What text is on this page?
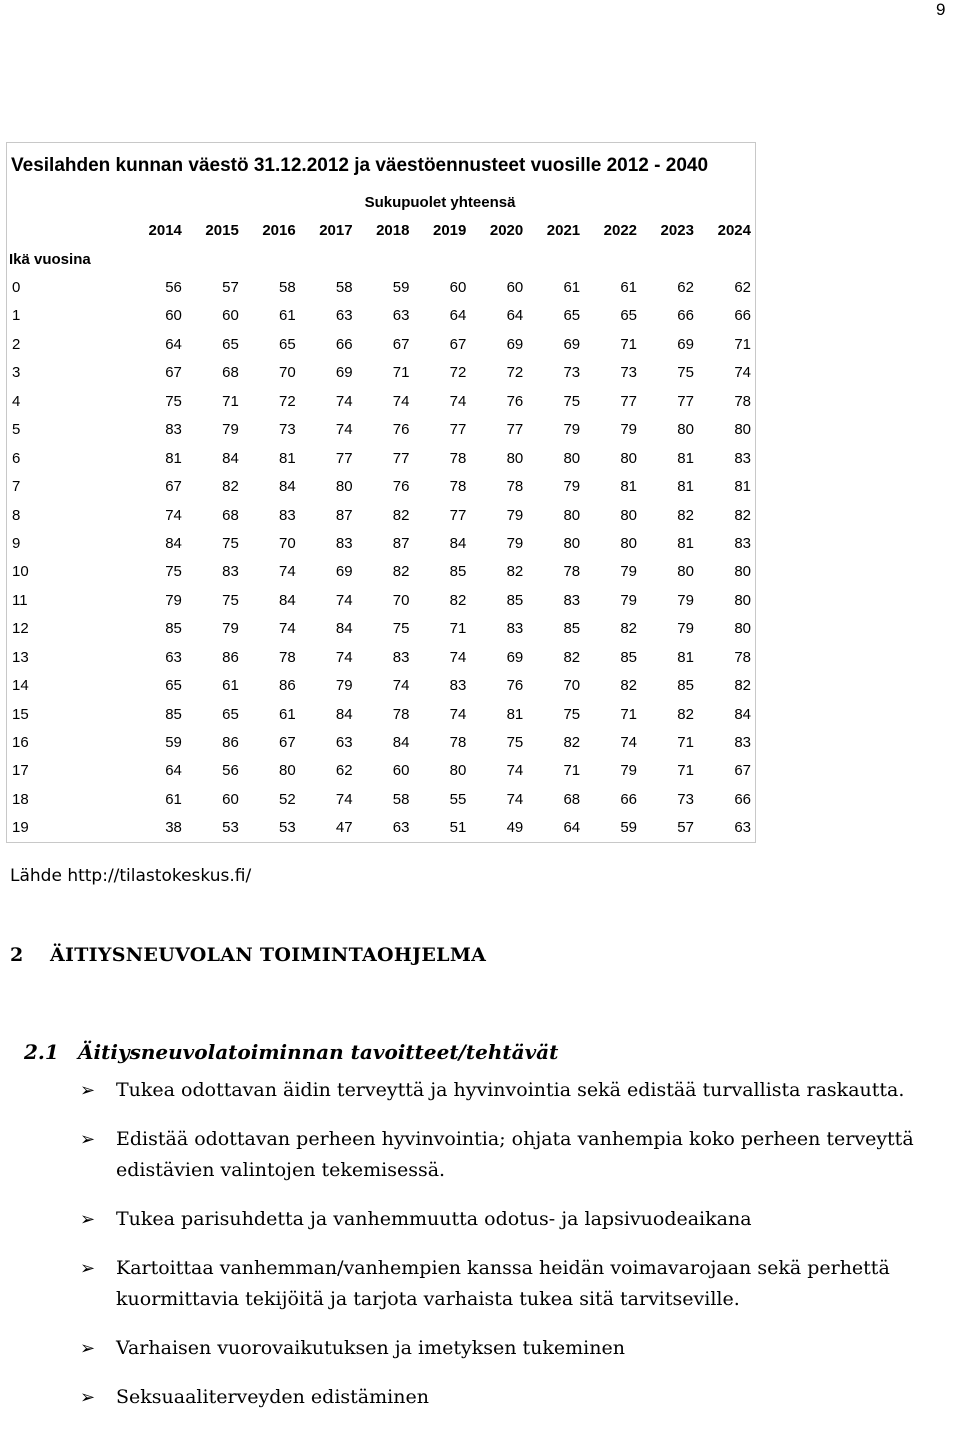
9
Vesilahden kunnan väestö 31.12.2012 ja väestöennusteet vuosille 2012 - 2040
	Sukupuolet yhteensä										
	2014	2015	2016	2017	2018	2019	2020	2021	2022	2023	2024
Ikä vuosina											
0	56	57	58	58	59	60	60	61	61	62	62
1	60	60	61	63	63	64	64	65	65	66	66
2	64	65	65	66	67	67	69	69	71	69	71
3	67	68	70	69	71	72	72	73	73	75	74
4	75	71	72	74	74	74	76	75	77	77	78
5	83	79	73	74	76	77	77	79	79	80	80
6	81	84	81	77	77	78	80	80	80	81	83
7	67	82	84	80	76	78	78	79	81	81	81
8	74	68	83	87	82	77	79	80	80	82	82
9	84	75	70	83	87	84	79	80	80	81	83
10	75	83	74	69	82	85	82	78	79	80	80
11	79	75	84	74	70	82	85	83	79	79	80
12	85	79	74	84	75	71	83	85	82	79	80
13	63	86	78	74	83	74	69	82	85	81	78
14	65	61	86	79	74	83	76	70	82	85	82
15	85	65	61	84	78	74	81	75	71	82	84
16	59	86	67	63	84	78	75	82	74	71	83
17	64	56	80	62	60	80	74	71	79	71	67
18	61	60	52	74	58	55	74	68	66	73	66
19	38	53	53	47	63	51	49	64	59	57	63
Lähde http://tilastokeskus.fi/
2 ÄITIYSNEUVOLAN TOIMINTAOHJELMA
2.1 Äitiysneuvolatoiminnan tavoitteet/tehtävät
➢ Tukea odottavan äidin terveyttä ja hyvinvointia sekä edistää turvallista raskautta.
➢ Edistää odottavan perheen hyvinvointia; ohjata vanhempia koko perheen terveyttä edistävien valintojen tekemisessä.
➢ Tukea parisuhdetta ja vanhemmuutta odotus- ja lapsivuodeaikana
➢ Kartoittaa vanhemman/vanhempien kanssa heidän voimavarojaan sekä perhettä kuormittavia tekijöitä ja tarjota varhaista tukea sitä tarvitseville.
➢ Varhaisen vuorovaikutuksen ja imetyksen tukeminen
➢ Seksuaaliterveyden edistäminen
